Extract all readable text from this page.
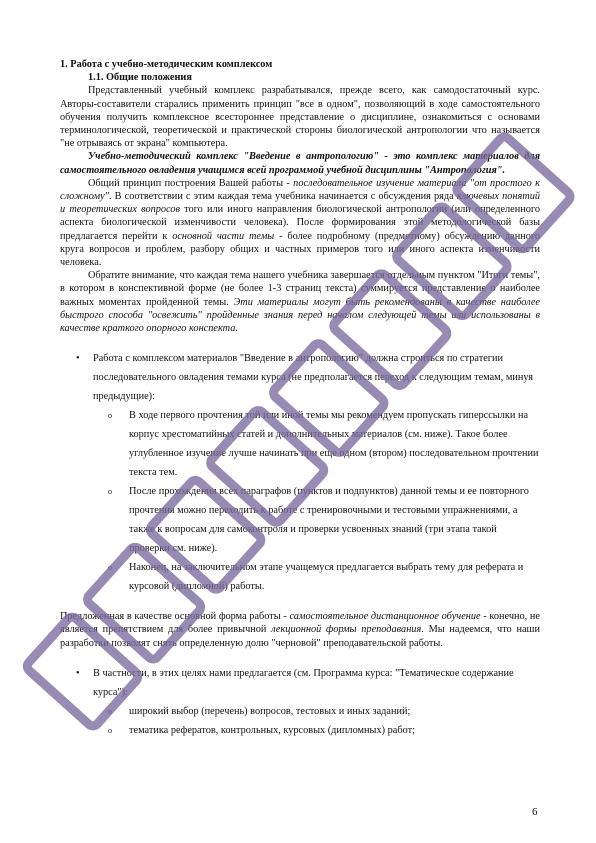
1. Работа с учебно-методическим комплексом
1.1. Общие положения

Представленный учебный комплекс разрабатывался, прежде всего, как самодостаточный курс. Авторы-составители старались применить принцип "все в одном", позволяющий в ходе самостоятельного обучения получить комплексное всестороннее представление о дисциплине, ознакомиться с основами терминологической, теоретической и практической стороны биологической антропологии что называется "не отрываясь от экрана" компьютера.

Учебно-методический комплекс "Введение в антропологию" - это комплекс материалов для самостоятельного овладения учащимся всей программой учебной дисциплины "Антропология".

Общий принцип построения Вашей работы - последовательное изучение материала "от простого к сложному". В соответствии с этим каждая тема учебника начинается с обсуждения ряда ключевых понятий и теоретических вопросов того или иного направления биологической антропологии (или определенного аспекта биологической изменчивости человека). После формирования этой методологической базы предлагается перейти к основной части темы - более подробному (предметному) обсуждению данного круга вопросов и проблем, разбору общих и частных примеров того или иного аспекта изменчивости человека.

Обратите внимание, что каждая тема нашего учебника завершается отдельным пунктом "Итоги темы", в котором в конспективной форме (не более 1-3 страниц текста) суммируется представление о наиболее важных моментах пройденной темы. Эти материалы могут быть рекомендованы в качестве наиболее быстрого способа "освежить" пройденные знания перед началом следующей темы или использованы в качестве краткого опорного конспекта.

• Работа с комплексом материалов "Введение в антропологию" должна строиться по стратегии последовательного овладения темами курса (не предполагается переход к следующим темам, минуя предыдущие):
o В ходе первого прочтения той или иной темы мы рекомендуем пропускать гиперссылки на корпус хрестоматийных статей и дополнительных материалов (см. ниже). Такое более углубленное изучение лучше начинать при еще одном (втором) последовательном прочтении текста тем.
o После прохождения всех параграфов (пунктов и подпунктов) данной темы и ее повторного прочтения можно переходить к работе с тренировочными и тестовыми упражнениями, а также к вопросам для самоконтроля и проверки усвоенных знаний (три этапа такой проверки см. ниже).
o Наконец, на заключительном этапе учащемуся предлагается выбрать тему для реферата и курсовой (дипломной) работы.

Предложенная в качестве основной форма работы - самостоятельное дистанционное обучение - конечно, не является препятствием для более привычной лекционной формы преподавания. Мы надеемся, что наши разработки позволят снять определенную долю "черновой" преподавательской работы.

• В частности, в этих целях нами предлагается (см. Программа курса: "Тематическое содержание курса"):
o широкий выбор (перечень) вопросов, тестовых и иных заданий;
o тематика рефератов, контрольных, курсовых (дипломных) работ;
6
